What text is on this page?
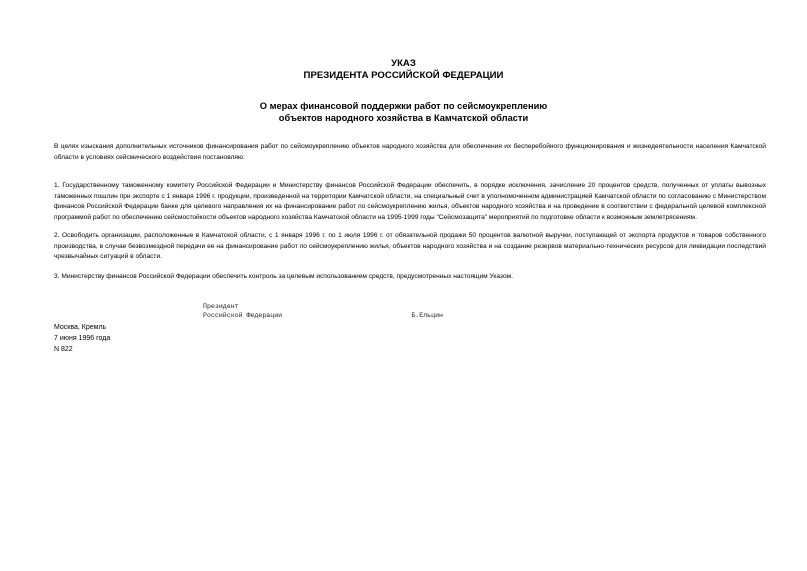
УКАЗ
ПРЕЗИДЕНТА РОССИЙСКОЙ ФЕДЕРАЦИИ
О мерах финансовой поддержки работ по сейсмоукреплению
объектов народного хозяйства в Камчатской области
В целях изыскания дополнительных источников финансирования работ по сейсмоукреплению объектов народного хозяйства для обеспечения их бесперебойного функционирования и жизнедеятельности населения Камчатской области в условиях сейсмического воздействия постановляю:
1. Государственному таможенному комитету Российской Федерации и Министерству финансов Российской Федерации обеспечить, в порядке исключения, зачисление 20 процентов средств, полученных от уплаты вывозных таможенных пошлин при экспорте с 1 января 1996 г. продукции, произведенной на территории Камчатской области, на специальный счет в уполномоченном администрацией Камчатской области по согласованию с Министерством финансов Российской Федерации банке для целевого направления их на финансирование работ по сейсмоукреплению жилья, объектов народного хозяйства и на проведение в соответствии с федеральной целевой комплексной программой работ по обеспечению сейсмостойкости объектов народного хозяйства Камчатской области на 1995-1999 годы "Сейсмозащита" мероприятий по подготовке области к возможным землетрясениям.
2. Освободить организации, расположенные в Камчатской области, с 1 января 1996 г. по 1 июля 1996 г. от обязательной продажи 50 процентов валютной выручки, поступающей от экспорта продуктов и товаров собственного производства, в случае безвозмездной передачи ее на финансирование работ по сейсмоукреплению жилья, объектов народного хозяйства и на создание резервов материально-технических ресурсов для ликвидации последствий чрезвычайных ситуаций в области.
3. Министерству финансов Российской Федерации обеспечить контроль за целевым использованием средств, предусмотренных настоящим Указом.
Президент
Российской Федерации	Б.Ельцин
Москва, Кремль
7 июня 1996 года
N 822
